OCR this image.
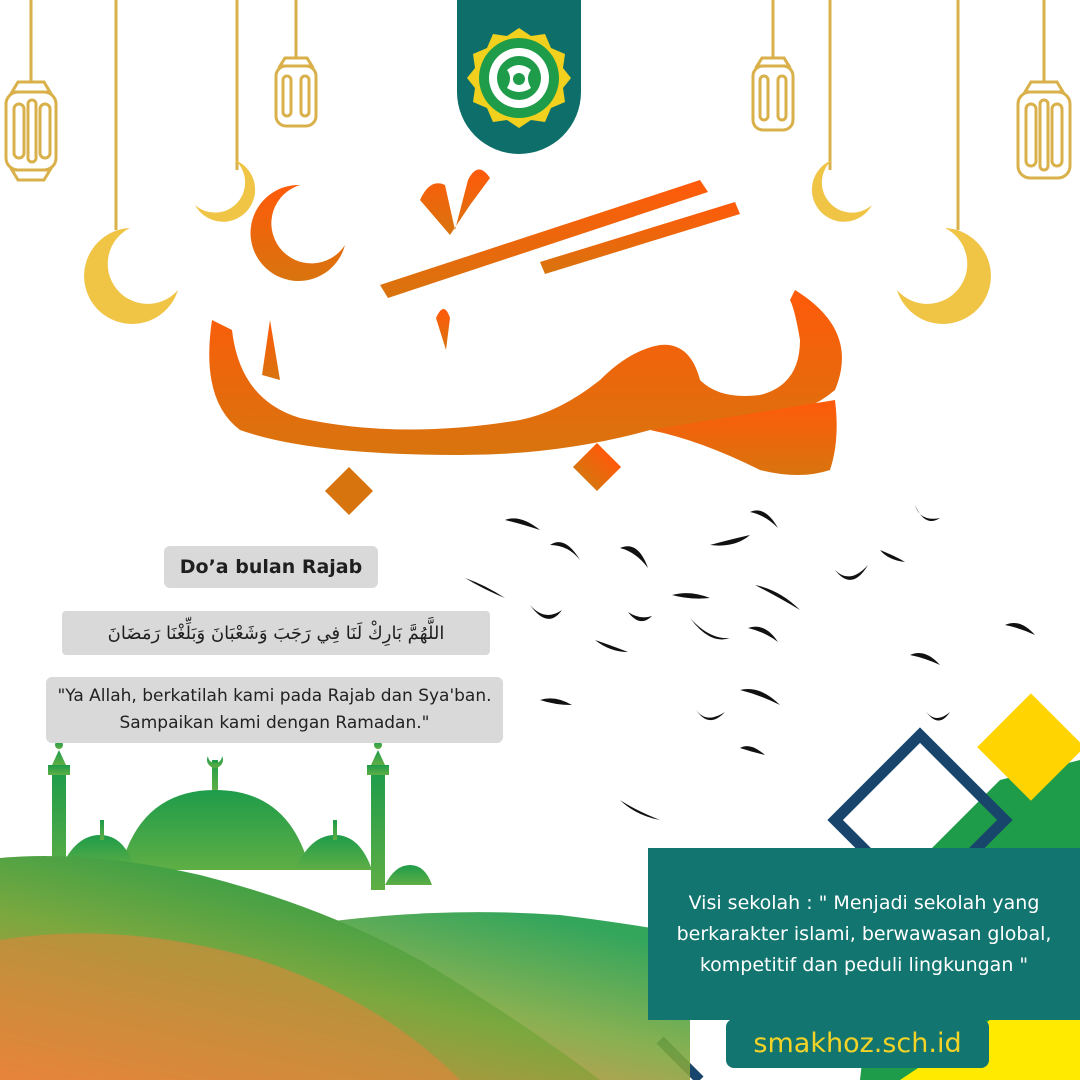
Do’a bulan Rajab
اللَّهُمَّ بَارِكْ لَنَا فِي رَجَبَ وَشَعْبَانَ وَبَلِّغْنَا رَمَضَانَ
"Ya Allah, berkatilah kami pada Rajab dan Sya'ban. Sampaikan kami dengan Ramadan."
Visi sekolah : " Menjadi sekolah yang berkarakter islami, berwawasan global, kompetitif dan peduli lingkungan "
smakhoz.sch.id
